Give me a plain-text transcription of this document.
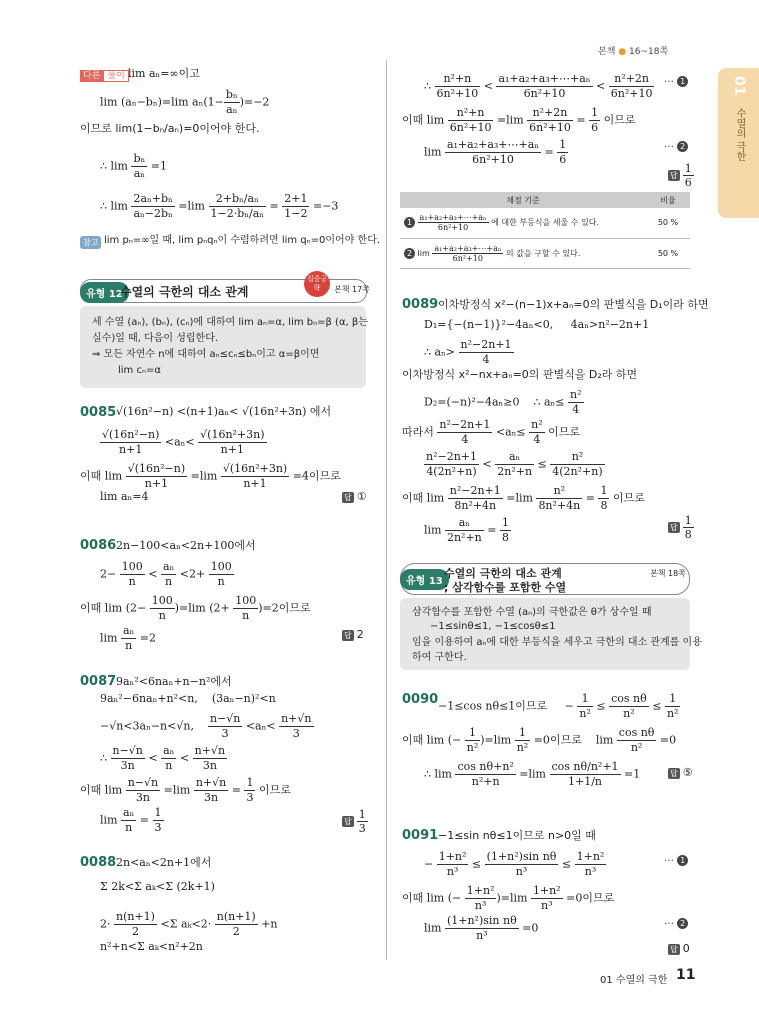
본책 ● 16~18쪽
01
수열의 극한
다른 풀이 lim aₙ=∞이고
lim (aₙ−bₙ)=lim $a_n(1- \frac{\text{bₙ}}{\text{aₙ}} )=-2$
이므로 lim(1−bₙ/aₙ)=0이어야 한다.
∴ $\lim \frac{\text{bₙ}}{\text{aₙ}} =1$
∴ $\lim \frac{\text{2aₙ+bₙ}}{\text{aₙ−2bₙ}} =\lim \frac{\text{2+bₙ/aₙ}}{\text{1−2·bₙ/aₙ}} = \frac{2+1}{1-2} =-3$
참고 lim pₙ=∞일 때, lim pₙqₙ이 수렴하려면 lim qₙ=0이어야 한다.
유형 12
수열의 극한의 대소 관계
집중공략	본책 17쪽
세 수열 (aₙ), (bₙ), (cₙ)에 대하여 lim aₙ=α, lim bₙ=β (α, β는
실수)일 때, 다음이 성립한다.
⇒ 모든 자연수 n에 대하여 aₙ≤cₙ≤bₙ이고 α=β이면
lim cₙ=α
0085 √(16n²−n) <(n+1)aₙ< √(16n²+3n) 에서
$\frac{\text{√(16n²−n)}}{n+1} <a_n< \frac{\text{√(16n²+3n)}}{n+1}$
이때 $\lim \frac{\text{√(16n²−n)}}{n+1} =\lim \frac{\text{√(16n²+3n)}}{n+1} =4$이므로
lim aₙ=4	답 ①
0086 2n−100<aₙ<2n+100에서
$2- \frac{100}{n} < \frac{\text{aₙ}}{n} <2+ \frac{100}{n}$
이때 $\lim (2- \frac{100}{n} )=\lim$ $(2+ \frac{100}{n} )=2$이므로
$\lim \frac{\text{aₙ}}{n} =2$	답 2
0087 9aₙ²<6naₙ+n−n²에서
9aₙ²−6naₙ+n²<n,    (3aₙ−n)²<n
−√n<3aₙ−n<√n, $\frac{n-√n}{3} <a_n< \frac{n+√n}{3}$
∴ $\frac{n-√n}{3n} < \frac{\text{aₙ}}{n} < \frac{n+√n}{3n}$
이때 $\lim \frac{n-√n}{3n} =\lim \frac{n+√n}{3n} = \frac{1}{3}$ 이므로
$\lim \frac{\text{aₙ}}{n} = \frac{1}{3}$	답 $\frac{1}{3}$
0088 2n<aₙ<2n+1에서
Σ 2k<Σ aₖ<Σ (2k+1)
$2\cdot \frac{n(n+1)}{2} <\Sigma$ $a_k<2\cdot \frac{n(n+1)}{2} +n$
n²+n<Σ aₖ<n²+2n
∴ $\frac{\text{n²+n}}{\text{6n²+10}} < \frac{\text{a₁+a₂+a₃+⋯+aₙ}}{\text{6n²+10}} < \frac{\text{n²+2n}}{\text{6n²+10}}$ ⋯ 1
이때 $\lim \frac{\text{n²+n}}{\text{6n²+10}} =\lim \frac{\text{n²+2n}}{\text{6n²+10}} = \frac{1}{6}$ 이므로
$\lim \frac{\text{a₁+a₂+a₃+⋯+aₙ}}{\text{6n²+10}} = \frac{1}{6}$	⋯ 2
답 $\frac{1}{6}$
채점 기준	비율
$1 \frac{\text{a₁+a₂+a₃+⋯+aₙ}}{\text{6n²+10}}$ 에 대한 부등식을 세울 수 있다.	50 %
2 $\lim \frac{\text{a₁+a₂+a₃+⋯+aₙ}}{\text{6n²+10}}$ 의 값을 구할 수 있다.	50 %
0089 이차방정식 x²−(n−1)x+aₙ=0의 판별식을 D₁이라 하면
D₁={−(n−1)}²−4aₙ<0,     4aₙ>n²−2n+1
∴ $a_n> \frac{\text{n²−2n+1}}{4}$
이차방정식 x²−nx+aₙ=0의 판별식을 D₂라 하면
D₂=(−n)²−4aₙ≥0    ∴ $a_n\le \frac{\text{n²}}{4}$
따라서 $\frac{\text{n²−2n+1}}{4} <a_n\le \frac{\text{n²}}{4}$ 이므로
$\frac{\text{n²−2n+1}}{\text{4(2n²+n)}} < \frac{\text{aₙ}}{\text{2n²+n}} \le \frac{\text{n²}}{\text{4(2n²+n)}}$
이때 $\lim \frac{\text{n²−2n+1}}{\text{8n²+4n}} =\lim \frac{\text{n²}}{\text{8n²+4n}} = \frac{1}{8}$ 이므로
$\lim \frac{\text{aₙ}}{\text{2n²+n}} = \frac{1}{8}$	답 $\frac{1}{8}$
유형 13
수열의 극한의 대소 관계
; 삼각함수를 포함한 수열
본책 18쪽
삼각함수를 포함한 수열 (aₙ)의 극한값은 θ가 상수일 때
−1≤sinθ≤1, −1≤cosθ≤1
임을 이용하여 aₙ에 대한 부등식을 세우고 극한의 대소 관계를 이용
하여 구한다.
0090 −1≤cos nθ≤1이므로     − $\frac{1}{\text{n²}} \le \frac{\text{cos nθ}}{\text{n²}} \le \frac{1}{\text{n²}}$
이때 lim (− $\frac{1}{\text{n²}} )=\lim \frac{1}{\text{n²}} =0$이므로    $\lim \frac{\text{cos nθ}}{\text{n²}} =0$
∴ $\lim \frac{\text{cos nθ+n²}}{\text{n²+n}} =\lim \frac{\text{cos nθ/n²+1}}{1+1/n} =1$	답 ⑤
0091 −1≤sin nθ≤1이므로 n>0일 때
− $\frac{\text{1+n²}}{\text{n³}} \le \frac{\text{(1+n²)sin nθ}}{\text{n³}} \le \frac{\text{1+n²}}{\text{n³}}$	⋯ 1
이때 lim (− $\frac{\text{1+n²}}{\text{n³}} )=\lim \frac{\text{1+n²}}{\text{n³}} =0$이므로
$\lim \frac{\text{(1+n²)sin nθ}}{\text{n³}} =0$	⋯ 2
답 0
01 수열의 극한 11
